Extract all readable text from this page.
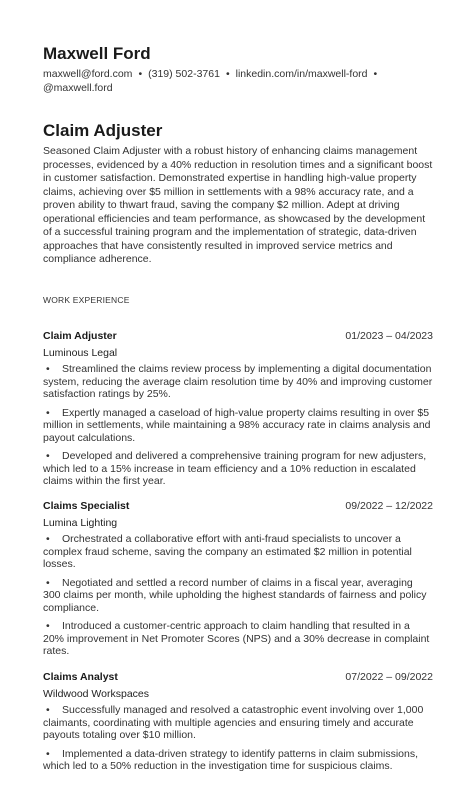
Maxwell Ford
maxwell@ford.com • (319) 502-3761 • linkedin.com/in/maxwell-ford •
@maxwell.ford
Claim Adjuster
Seasoned Claim Adjuster with a robust history of enhancing claims management processes, evidenced by a 40% reduction in resolution times and a significant boost in customer satisfaction. Demonstrated expertise in handling high-value property claims, achieving over $5 million in settlements with a 98% accuracy rate, and a proven ability to thwart fraud, saving the company $2 million. Adept at driving operational efficiencies and team performance, as showcased by the development of a successful training program and the implementation of strategic, data-driven approaches that have consistently resulted in improved service metrics and compliance adherence.
WORK EXPERIENCE
Claim Adjuster	01/2023 – 04/2023
Luminous Legal
• Streamlined the claims review process by implementing a digital documentation system, reducing the average claim resolution time by 40% and improving customer satisfaction ratings by 25%.
• Expertly managed a caseload of high-value property claims resulting in over $5 million in settlements, while maintaining a 98% accuracy rate in claims analysis and payout calculations.
• Developed and delivered a comprehensive training program for new adjusters, which led to a 15% increase in team efficiency and a 10% reduction in escalated claims within the first year.
Claims Specialist	09/2022 – 12/2022
Lumina Lighting
• Orchestrated a collaborative effort with anti-fraud specialists to uncover a complex fraud scheme, saving the company an estimated $2 million in potential losses.
• Negotiated and settled a record number of claims in a fiscal year, averaging 300 claims per month, while upholding the highest standards of fairness and policy compliance.
• Introduced a customer-centric approach to claim handling that resulted in a 20% improvement in Net Promoter Scores (NPS) and a 30% decrease in complaint rates.
Claims Analyst	07/2022 – 09/2022
Wildwood Workspaces
• Successfully managed and resolved a catastrophic event involving over 1,000 claimants, coordinating with multiple agencies and ensuring timely and accurate payouts totaling over $10 million.
• Implemented a data-driven strategy to identify patterns in claim submissions, which led to a 50% reduction in the investigation time for suspicious claims.
